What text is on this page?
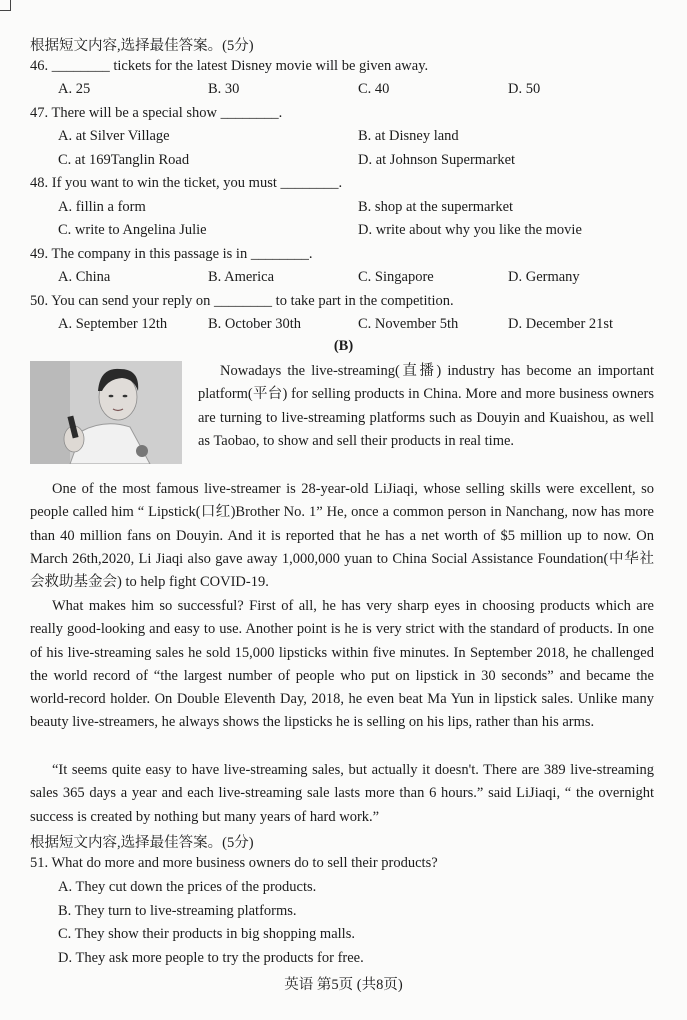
根据短文内容,选择最佳答案。(5分)
46. ________ tickets for the latest Disney movie will be given away.
A. 25	B. 30	C. 40	D. 50
47. There will be a special show ________.
A. at Silver Village	B. at Disney land
C. at 169Tanglin Road	D. at Johnson Supermarket
48. If you want to win the ticket, you must ________.
A. fillin a form	B. shop at the supermarket
C. write to Angelina Julie	D. write about why you like the movie
49. The company in this passage is in ________.
A. China	B. America	C. Singapore	D. Germany
50. You can send your reply on ________ to take part in the competition.
A. September 12th	B. October 30th	C. November 5th	D. December 21st
(B)
Nowadays the live-streaming(直播) industry has become an important platform(平台) for selling products in China. More and more business owners are turning to live-streaming platforms such as Douyin and Kuaishou, as well as Taobao, to show and sell their products in real time.
One of the most famous live-streamer is 28-year-old LiJiaqi, whose selling skills were excellent, so people called him “ Lipstick(口红)Brother No. 1” He, once a common person in Nanchang, now has more than 40 million fans on Douyin. And it is reported that he has a net worth of $5 million up to now. On March 26th,2020, Li Jiaqi also gave away 1,000,000 yuan to China Social Assistance Foundation(中华社会救助基金会) to help fight COVID-19.
What makes him so successful? First of all, he has very sharp eyes in choosing products which are really good-looking and easy to use. Another point is he is very strict with the standard of products. In one of his live-streaming sales he sold 15,000 lipsticks within five minutes. In September 2018, he challenged the world record of “the largest number of people who put on lipstick in 30 seconds” and became the world-record holder. On Double Eleventh Day, 2018, he even beat Ma Yun in lipstick sales. Unlike many beauty live-streamers, he always shows the lipsticks he is selling on his lips, rather than his arms.
“It seems quite easy to have live-streaming sales, but actually it doesn't. There are 389 live-streaming sales 365 days a year and each live-streaming sale lasts more than 6 hours.” said LiJiaqi, “ the overnight success is created by nothing but many years of hard work.”
根据短文内容,选择最佳答案。(5分)
51. What do more and more business owners do to sell their products?
A. They cut down the prices of the products.
B. They turn to live-streaming platforms.
C. They show their products in big shopping malls.
D. They ask more people to try the products for free.
英语 第5页 (共8页)
